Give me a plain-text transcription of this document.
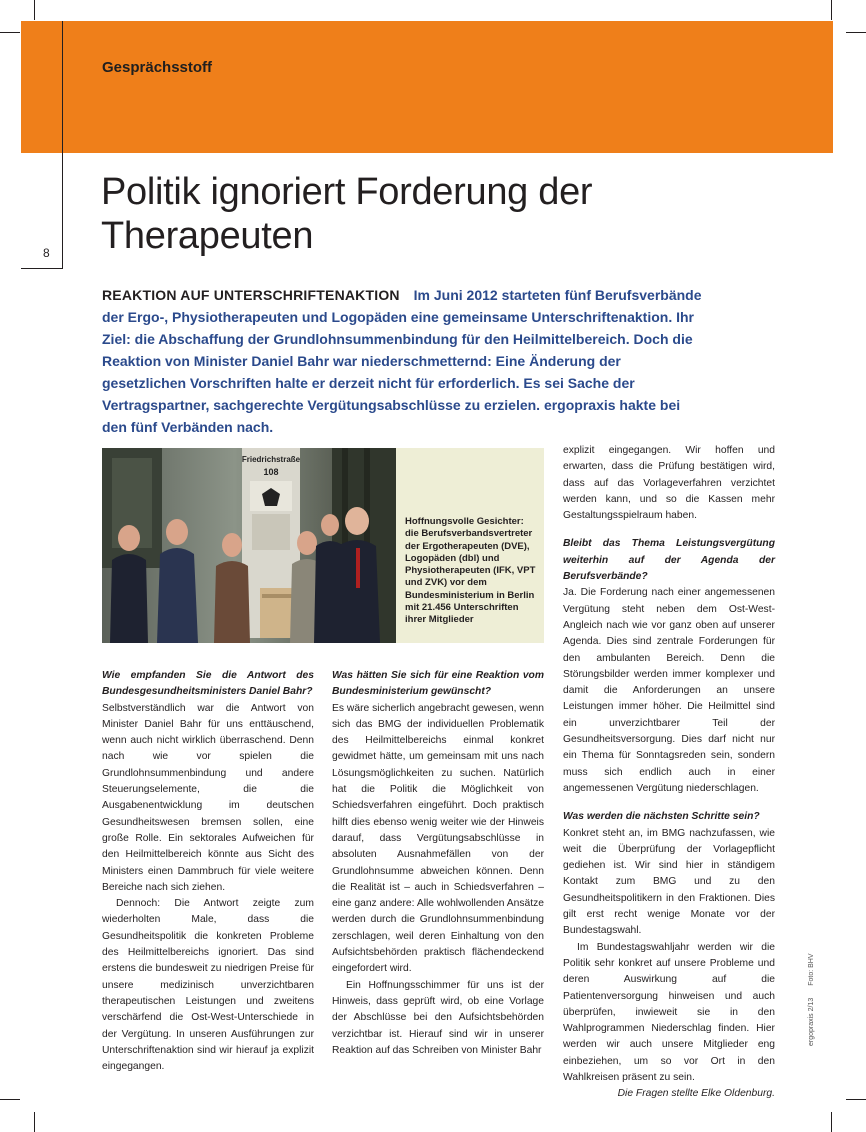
Gesprächsstoff
8
Politik ignoriert Forderung der Therapeuten
REAKTION AUF UNTERSCHRIFTENAKTION Im Juni 2012 starteten fünf Berufsverbände der Ergo-, Physiotherapeuten und Logopäden eine gemeinsame Unterschriftenaktion. Ihr Ziel: die Abschaffung der Grundlohnsummenbindung für den Heilmittelbereich. Doch die Reaktion von Minister Daniel Bahr war niederschmetternd: Eine Änderung der gesetzlichen Vorschriften halte er derzeit nicht für erforderlich. Es sei Sache der Vertragspartner, sachgerechte Vergütungsabschlüsse zu erzielen. ergopraxis hakte bei den fünf Verbänden nach.
Friedrichstraße
108
Hoffnungsvolle Gesichter: die Berufsverbandsvertreter der Ergotherapeuten (DVE), Logopäden (dbl) und Physiotherapeuten (IFK, VPT und ZVK) vor dem Bundesministerium in Berlin mit 21.456 Unterschriften ihrer Mitglieder

Wie empfanden Sie die Antwort des Bundesgesundheitsministers Daniel Bahr?

Selbstverständlich war die Antwort von Minister Daniel Bahr für uns enttäuschend, wenn auch nicht wirklich überraschend. Denn nach wie vor spielen die Grundlohnsummenbindung und andere Steuerungselemente, die die Ausgabenentwicklung im deutschen Gesundheitswesen bremsen sollen, eine große Rolle. Ein sektorales Aufweichen für den Heilmittelbereich könnte aus Sicht des Ministers einen Dammbruch für viele weitere Bereiche nach sich ziehen.

Dennoch: Die Antwort zeigte zum wiederholten Male, dass die Gesundheitspolitik die konkreten Probleme des Heilmittelbereichs ignoriert. Das sind erstens die bundesweit zu niedrigen Preise für unsere medizinisch unverzichtbaren therapeutischen Leistungen und zweitens verschärfend die Ost-West-Unterschiede in der Vergütung. In unseren Ausführungen zur Unterschriftenaktion sind wir hierauf ja explizit eingegangen.

Was hätten Sie sich für eine Reaktion vom Bundesministerium gewünscht?

Es wäre sicherlich angebracht gewesen, wenn sich das BMG der individuellen Problematik des Heilmittelbereichs einmal konkret gewidmet hätte, um gemeinsam mit uns nach Lösungsmöglichkeiten zu suchen. Natürlich hat die Politik die Möglichkeit von Schiedsverfahren eingeführt. Doch praktisch hilft dies ebenso wenig weiter wie der Hinweis darauf, dass Vergütungsabschlüsse in absoluten Ausnahmefällen von der Grundlohnsumme abweichen können. Denn die Realität ist – auch in Schiedsverfahren – eine ganz andere: Alle wohlwollenden Ansätze werden durch die Grundlohnsummenbindung zerschlagen, weil deren Einhaltung von den Aufsichtsbehörden praktisch flächendeckend eingefordert wird.

Ein Hoffnungsschimmer für uns ist der Hinweis, dass geprüft wird, ob eine Vorlage der Abschlüsse bei den Aufsichtsbehörden verzichtbar ist. Hierauf sind wir in unserer Reaktion auf das Schreiben von Minister Bahr

explizit eingegangen. Wir hoffen und erwarten, dass die Prüfung bestätigen wird, dass auf das Vorlageverfahren verzichtet werden kann, und so die Kassen mehr Gestaltungsspielraum haben.

Bleibt das Thema Leistungsvergütung weiterhin auf der Agenda der Berufsverbände?

Ja. Die Forderung nach einer angemessenen Vergütung steht neben dem Ost-West-Angleich nach wie vor ganz oben auf unserer Agenda. Dies sind zentrale Forderungen für den ambulanten Bereich. Denn die Störungsbilder werden immer komplexer und damit die Anforderungen an unsere Leistungen immer höher. Die Heilmittel sind ein unverzichtbarer Teil der Gesundheitsversorgung. Dies darf nicht nur ein Thema für Sonntagsreden sein, sondern muss sich endlich auch in einer angemessenen Vergütung niederschlagen.

Was werden die nächsten Schritte sein?

Konkret steht an, im BMG nachzufassen, wie weit die Überprüfung der Vorlagepflicht gediehen ist. Wir sind hier in ständigem Kontakt zum BMG und zu den Gesundheitspolitikern in den Fraktionen. Dies gilt erst recht wenige Monate vor der Bundestagswahl.

Im Bundestagswahljahr werden wir die Politik sehr konkret auf unsere Probleme und deren Auswirkung auf die Patientenversorgung hinweisen und auch überprüfen, inwieweit sie in den Wahlprogrammen Niederschlag finden. Hier werden wir auch unsere Mitglieder eng einbeziehen, um so vor Ort in den Wahlkreisen präsent zu sein.

Die Fragen stellte Elke Oldenburg.

ergopraxis 2/13 Foto: BHV
